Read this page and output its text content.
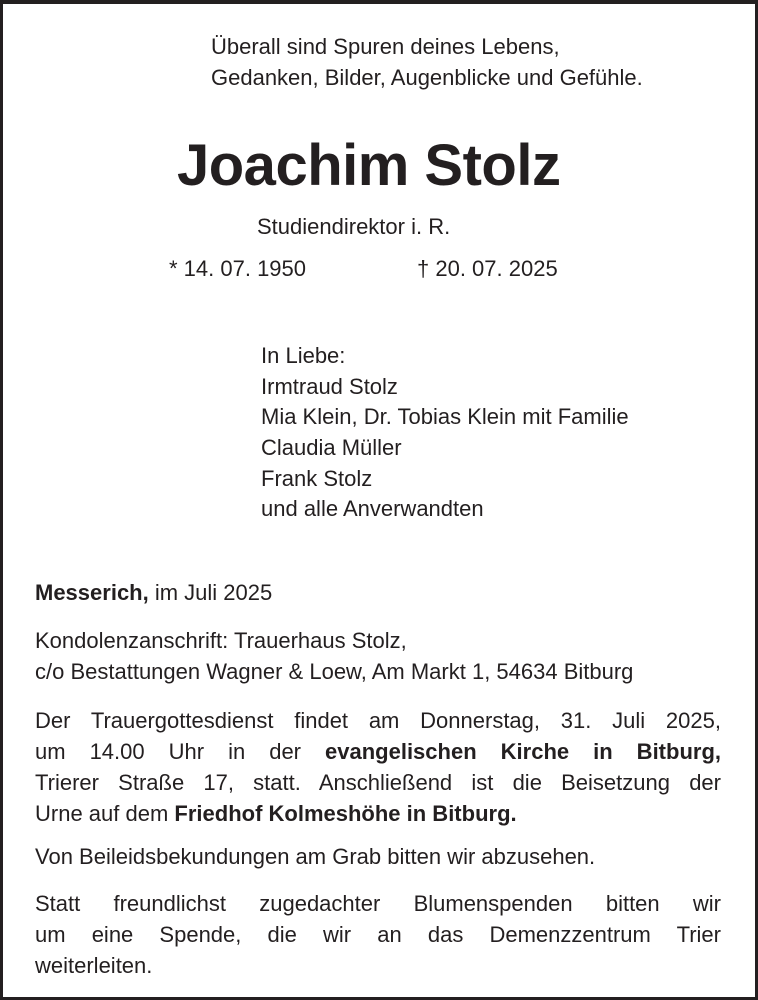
Überall sind Spuren deines Lebens,
Gedanken, Bilder, Augenblicke und Gefühle.
Joachim Stolz
Studiendirektor i. R.
* 14. 07. 1950	† 20. 07. 2025
In Liebe:
Irmtraud Stolz
Mia Klein, Dr. Tobias Klein mit Familie
Claudia Müller
Frank Stolz
und alle Anverwandten
Messerich, im Juli 2025
Kondolenzanschrift: Trauerhaus Stolz,
c/o Bestattungen Wagner & Loew, Am Markt 1, 54634 Bitburg
Der Trauergottesdienst findet am Donnerstag, 31. Juli 2025,
um 14.00 Uhr in der evangelischen Kirche in Bitburg,
Trierer Straße 17, statt. Anschließend ist die Beisetzung der
Urne auf dem Friedhof Kolmeshöhe in Bitburg.
Von Beileidsbekundungen am Grab bitten wir abzusehen.
Statt freundlichst zugedachter Blumenspenden bitten wir
um eine Spende, die wir an das Demenzzentrum Trier
weiterleiten.
